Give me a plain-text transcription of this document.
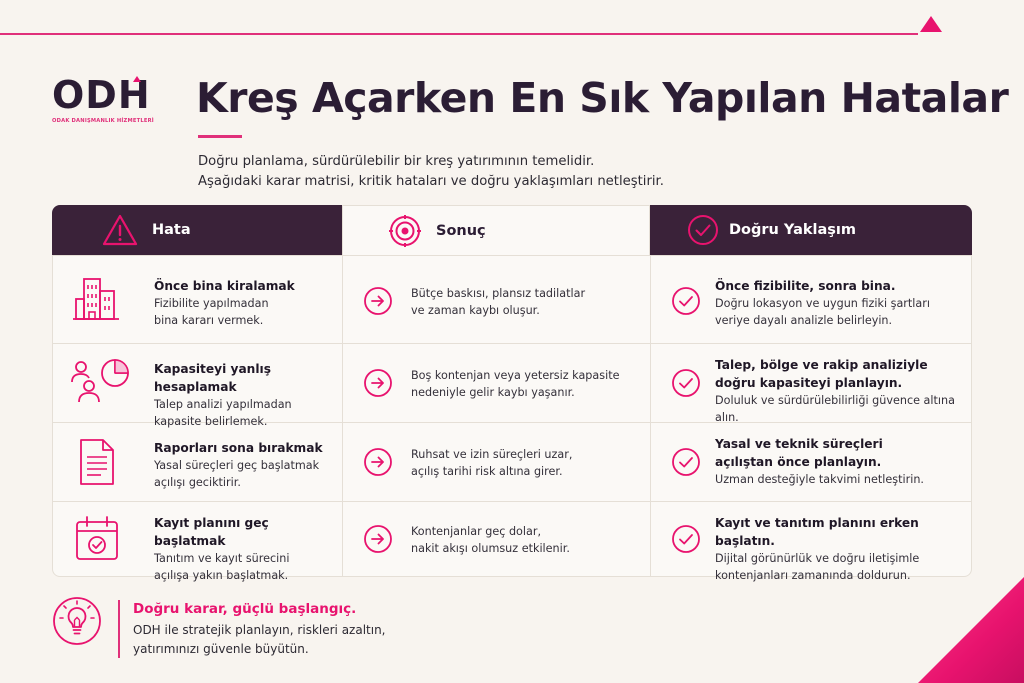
ODH
ODAK DANIŞMANLIK HİZMETLERİ Kreş Açarken En Sık Yapılan Hatalar
Doğru planlama, sürdürülebilir bir kreş yatırımının temelidir.
Aşağıdaki karar matrisi, kritik hataları ve doğru yaklaşımları netleştirir.
Hata	Sonuç	Doğru Yaklaşım
Önce bina kiralamak
Fizibilite yapılmadan
bina kararı vermek.
Bütçe baskısı, plansız tadilatlar
ve zaman kaybı oluşur.
Önce fizibilite, sonra bina.
Doğru lokasyon ve uygun fiziki şartları
veriye dayalı analizle belirleyin.
Kapasiteyi yanlış hesaplamak
Talep analizi yapılmadan
kapasite belirlemek.
Boş kontenjan veya yetersiz kapasite
nedeniyle gelir kaybı yaşanır.
Talep, bölge ve rakip analiziyle
doğru kapasiteyi planlayın.
Doluluk ve sürdürülebilirliği güvence altına alın.
Raporları sona bırakmak
Yasal süreçleri geç başlatmak
açılışı geciktirir.
Ruhsat ve izin süreçleri uzar,
açılış tarihi risk altına girer.
Yasal ve teknik süreçleri
açılıştan önce planlayın.
Uzman desteğiyle takvimi netleştirin.
Kayıt planını geç başlatmak
Tanıtım ve kayıt sürecini
açılışa yakın başlatmak.
Kontenjanlar geç dolar,
nakit akışı olumsuz etkilenir.
Kayıt ve tanıtım planını erken başlatın.
Dijital görünürlük ve doğru iletişimle
kontenjanları zamanında doldurun.
Doğru karar, güçlü başlangıç.
ODH ile stratejik planlayın, riskleri azaltın,
yatırımınızı güvenle büyütün.
